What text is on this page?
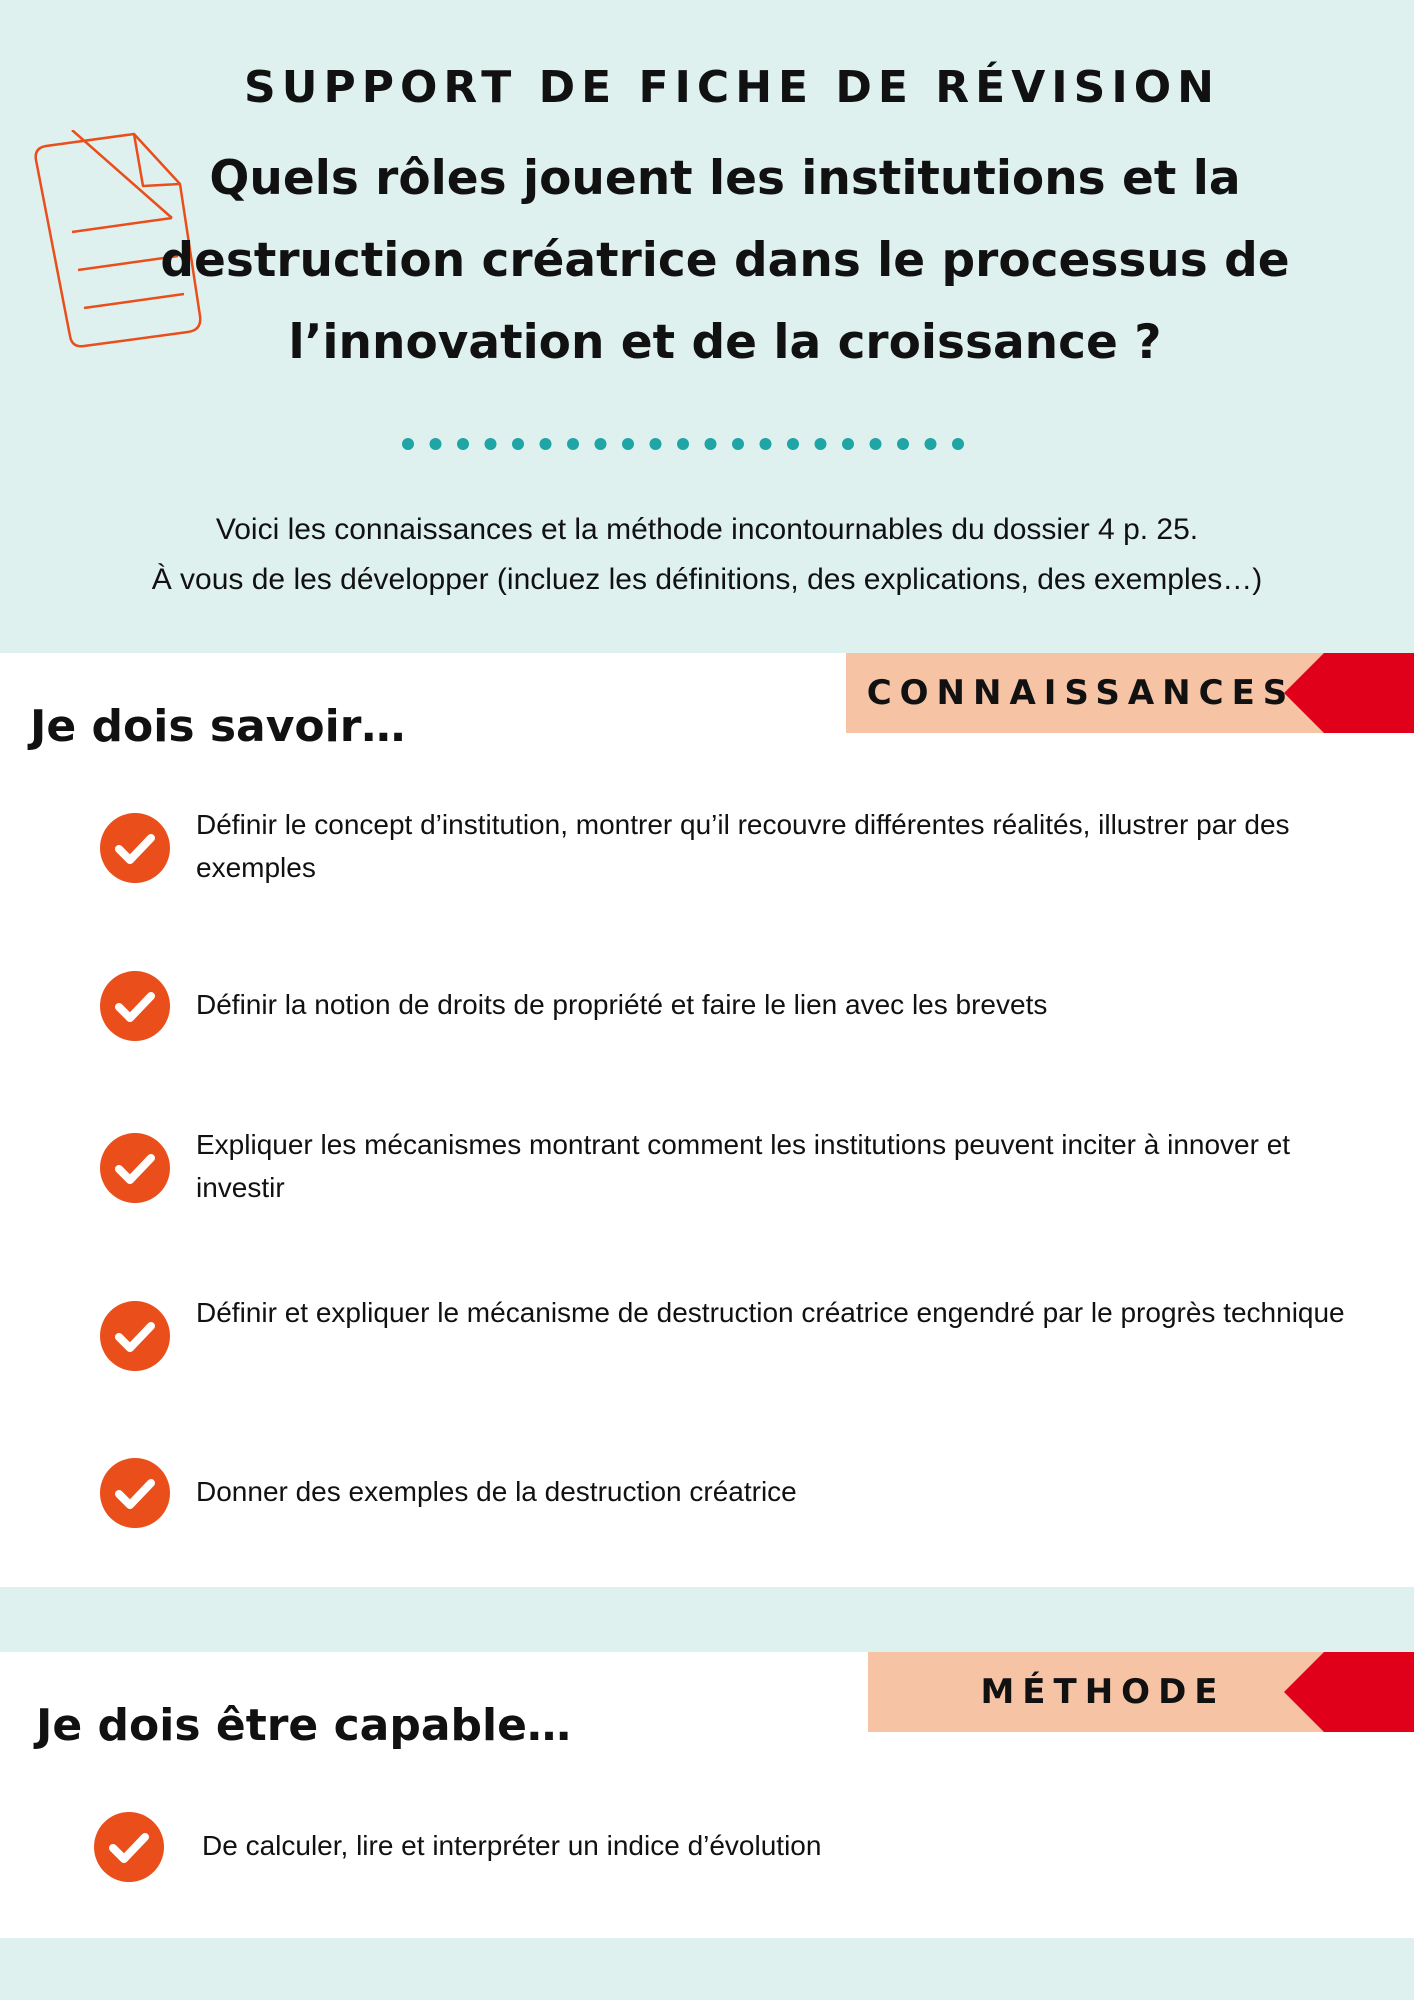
SUPPORT DE FICHE DE RÉVISION
Quels rôles jouent les institutions et la
destruction créatrice dans le processus de
l’innovation et de la croissance ?

Voici les connaissances et la méthode incontournables du dossier 4 p. 25.

À vous de les développer (incluez les définitions, des explications, des exemples…)

CONNAISSANCES
Je dois savoir…
Définir le concept d’institution, montrer qu’il recouvre différentes réalités, illustrer par des exemples
Définir la notion de droits de propriété et faire le lien avec les brevets
Expliquer les mécanismes montrant comment les institutions peuvent inciter à innover et investir
Définir et expliquer le mécanisme de destruction créatrice engendré par le progrès technique
Donner des exemples de la destruction créatrice
MÉTHODE
Je dois être capable…
De calculer, lire et interpréter un indice d’évolution
